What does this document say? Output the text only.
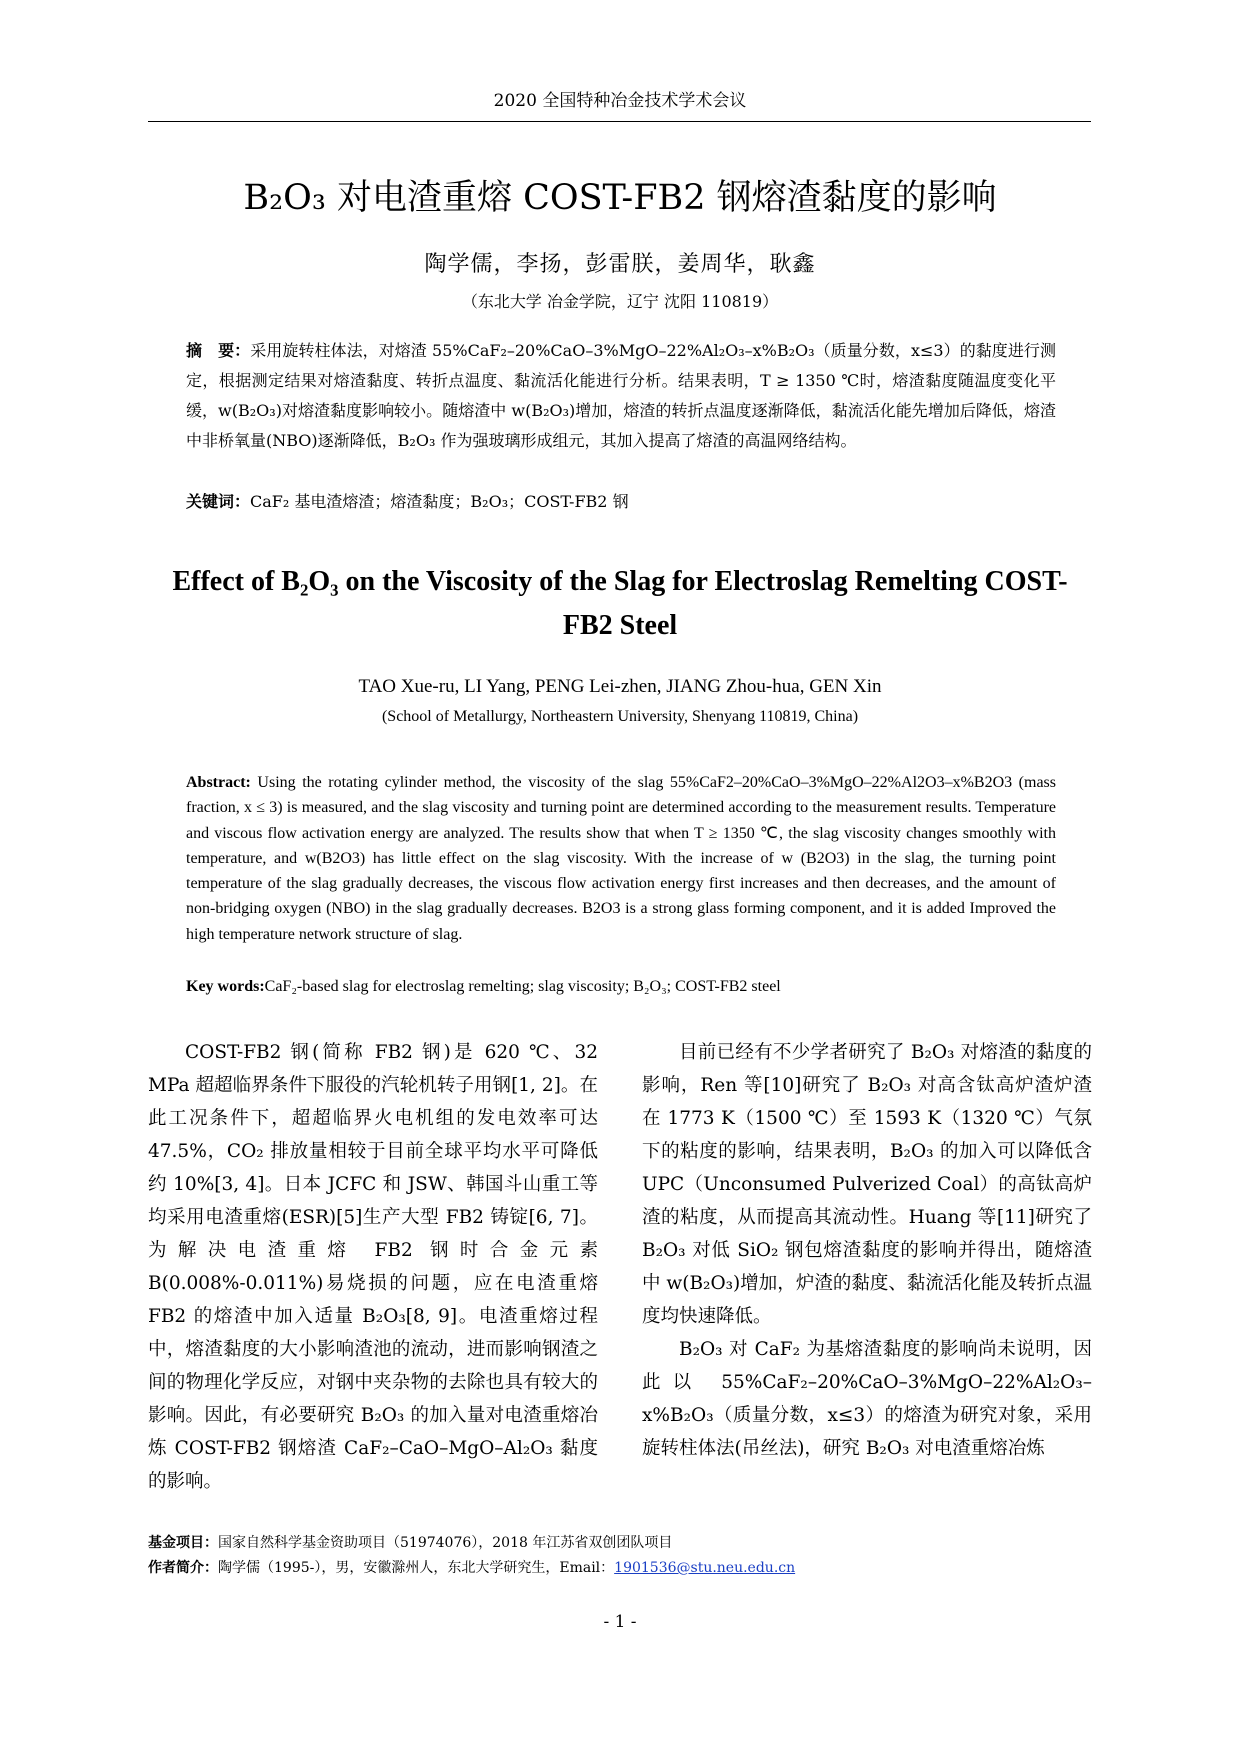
2020 全国特种冶金技术学术会议
B₂O₃ 对电渣重熔 COST-FB2 钢熔渣黏度的影响
陶学儒，李扬，彭雷朕，姜周华，耿鑫
（东北大学 冶金学院，辽宁 沈阳 110819）
摘　要：采用旋转柱体法，对熔渣 55%CaF₂–20%CaO–3%MgO–22%Al₂O₃–x%B₂O₃（质量分数，x≤3）的黏度进行测定，根据测定结果对熔渣黏度、转折点温度、黏流活化能进行分析。结果表明，T ≥ 1350 ℃时，熔渣黏度随温度变化平缓，w(B₂O₃)对熔渣黏度影响较小。随熔渣中 w(B₂O₃)增加，熔渣的转折点温度逐渐降低，黏流活化能先增加后降低，熔渣中非桥氧量(NBO)逐渐降低，B₂O₃ 作为强玻璃形成组元，其加入提高了熔渣的高温网络结构。
关键词：CaF₂ 基电渣熔渣；熔渣黏度；B₂O₃；COST-FB2 钢
Effect of B₂O₃ on the Viscosity of the Slag for Electroslag Remelting COST-FB2 Steel
TAO Xue-ru, LI Yang, PENG Lei-zhen, JIANG Zhou-hua, GEN Xin
(School of Metallurgy, Northeastern University, Shenyang 110819, China)
Abstract: Using the rotating cylinder method, the viscosity of the slag 55%CaF2–20%CaO–3%MgO–22%Al2O3–x%B2O3 (mass fraction, x ≤ 3) is measured, and the slag viscosity and turning point are determined according to the measurement results. Temperature and viscous flow activation energy are analyzed. The results show that when T ≥ 1350 ℃, the slag viscosity changes smoothly with temperature, and w(B2O3) has little effect on the slag viscosity. With the increase of w (B2O3) in the slag, the turning point temperature of the slag gradually decreases, the viscous flow activation energy first increases and then decreases, and the amount of non-bridging oxygen (NBO) in the slag gradually decreases. B2O3 is a strong glass forming component, and it is added Improved the high temperature network structure of slag.
Key words:CaF₂-based slag for electroslag remelting; slag viscosity; B₂O₃; COST-FB2 steel

COST-FB2 钢(简称 FB2 钢)是 620 ℃、32 MPa 超超临界条件下服役的汽轮机转子用钢[1, 2]。在此工况条件下，超超临界火电机组的发电效率可达 47.5%，CO₂ 排放量相较于目前全球平均水平可降低约 10%[3, 4]。日本 JCFC 和 JSW、韩国斗山重工等均采用电渣重熔(ESR)[5]生产大型 FB2 铸锭[6, 7]。为解决电渣重熔 FB2 钢时合金元素 B(0.008%-0.011%)易烧损的问题，应在电渣重熔 FB2 的熔渣中加入适量 B₂O₃[8, 9]。电渣重熔过程中，熔渣黏度的大小影响渣池的流动，进而影响钢渣之间的物理化学反应，对钢中夹杂物的去除也具有较大的影响。因此，有必要研究 B₂O₃ 的加入量对电渣重熔冶炼 COST-FB2 钢熔渣 CaF₂–CaO–MgO–Al₂O₃ 黏度的影响。

目前已经有不少学者研究了 B₂O₃ 对熔渣的黏度的影响，Ren 等[10]研究了 B₂O₃ 对高含钛高炉渣炉渣在 1773 K（1500 ℃）至 1593 K（1320 ℃）气氛下的粘度的影响，结果表明，B₂O₃ 的加入可以降低含 UPC（Unconsumed Pulverized Coal）的高钛高炉渣的粘度，从而提高其流动性。Huang 等[11]研究了 B₂O₃ 对低 SiO₂ 钢包熔渣黏度的影响并得出，随熔渣中 w(B₂O₃)增加，炉渣的黏度、黏流活化能及转折点温度均快速降低。

B₂O₃ 对 CaF₂ 为基熔渣黏度的影响尚未说明，因此以 55%CaF₂–20%CaO–3%MgO–22%Al₂O₃–x%B₂O₃（质量分数，x≤3）的熔渣为研究对象，采用旋转柱体法(吊丝法)，研究 B₂O₃ 对电渣重熔冶炼

基金项目：国家自然科学基金资助项目（51974076），2018 年江苏省双创团队项目
作者简介：陶学儒（1995-），男，安徽滁州人，东北大学研究生，Email：1901536@stu.neu.edu.cn
- 1 -
